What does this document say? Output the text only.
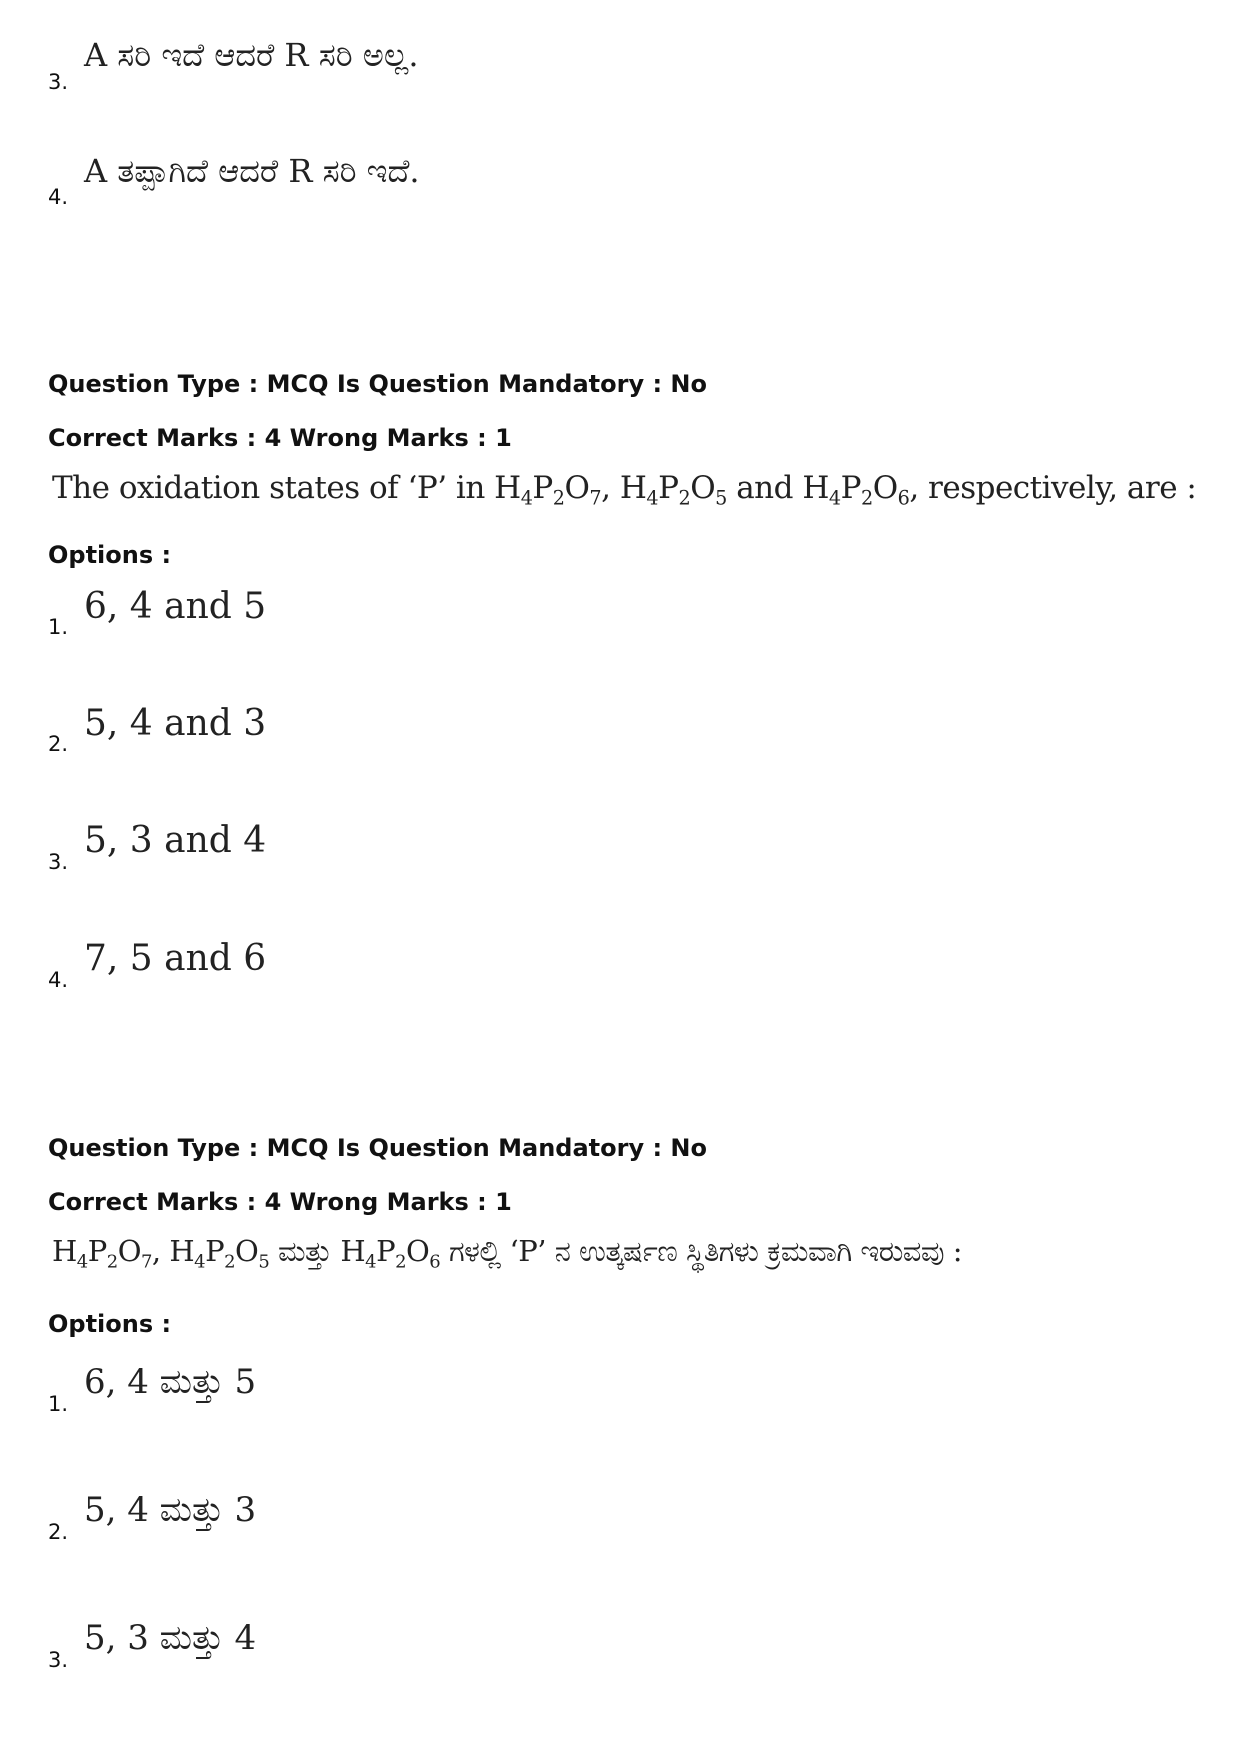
3.
A ಸರಿ ಇದೆ ಆದರೆ R ಸರಿ ಅಲ್ಲ.
4.
A ತಪ್ಪಾಗಿದೆ ಆದರೆ R ಸರಿ ಇದೆ.
Question Type : MCQ Is Question Mandatory : No
Correct Marks : 4 Wrong Marks : 1
The oxidation states of ‘P’ in $H_4P_2O_7$, $H_4P_2O_5$ and $H_4P_2O_6$, respectively, are :
Options :
1. 6, 4 and 5
2. 5, 4 and 3
3.
5, 3 and 4
4.
7, 5 and 6
Question Type : MCQ Is Question Mandatory : No
Correct Marks : 4 Wrong Marks : 1
$H_4P_2O_7$, $H_4P_2O_5$ ಮತ್ತು $H_4P_2O_6$ ಗಳಲ್ಲಿ ‘P’ ನ ಉತ್ಕರ್ಷಣ ಸ್ಥಿತಿಗಳು ಕ್ರಮವಾಗಿ ಇರುವವು :
Options :
1.
6, 4 ಮತ್ತು 5
2.
5, 4 ಮತ್ತು 3
3.
5, 3 ಮತ್ತು 4
